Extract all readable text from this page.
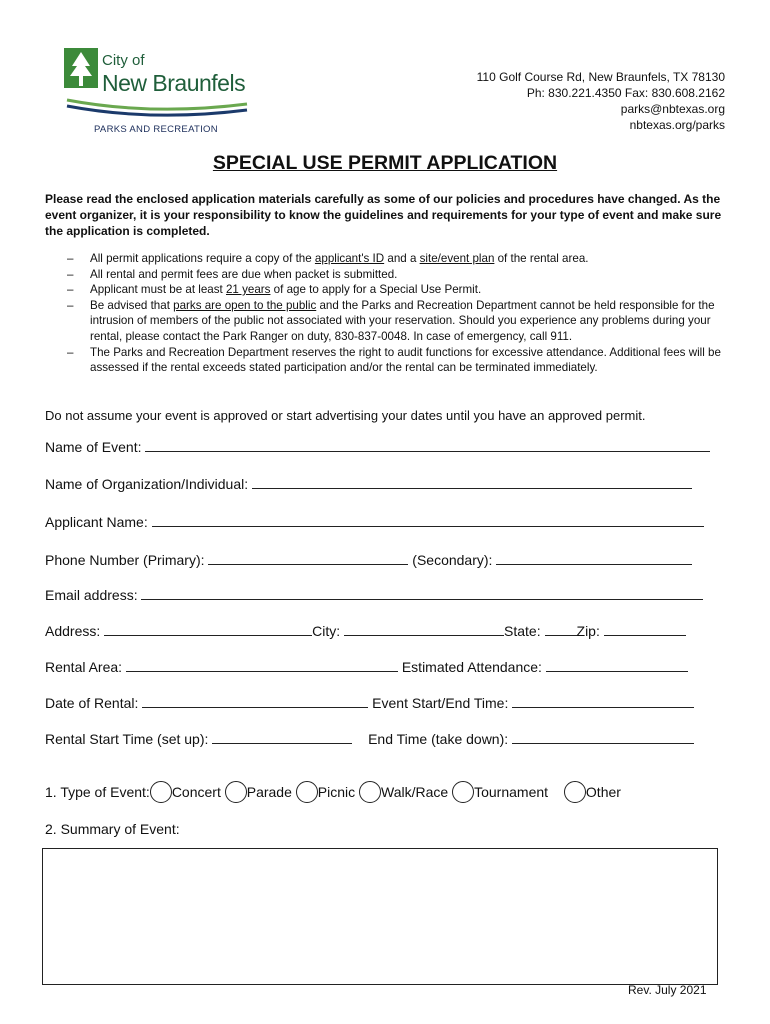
City of
New Braunfels
PARKS AND RECREATION
110 Golf Course Rd, New Braunfels, TX 78130
Ph: 830.221.4350 Fax: 830.608.2162
parks@nbtexas.org
nbtexas.org/parks
SPECIAL USE PERMIT APPLICATION
Please read the enclosed application materials carefully as some of our policies and procedures have changed. As the event organizer, it is your responsibility to know the guidelines and requirements for your type of event and make sure the application is completed.
– All permit applications require a copy of the applicant's ID and a site/event plan of the rental area.
– All rental and permit fees are due when packet is submitted.
– Applicant must be at least 21 years of age to apply for a Special Use Permit.
– Be advised that parks are open to the public and the Parks and Recreation Department cannot be held responsible for the intrusion of members of the public not associated with your reservation. Should you experience any problems during your rental, please contact the Park Ranger on duty, 830-837-0048. In case of emergency, call 911.
– The Parks and Recreation Department reserves the right to audit functions for excessive attendance. Additional fees will be assessed if the rental exceeds stated participation and/or the rental can be terminated immediately.
Do not assume your event is approved or start advertising your dates until you have an approved permit.
Name of Event:
Name of Organization/Individual:
Applicant Name:
Phone Number (Primary):	(Secondary):
Email address:
Address:	City:	State:	Zip:
Rental Area:	Estimated Attendance:
Date of Rental:	Event Start/End Time:
Rental Start Time (set up):	End Time (take down):
1. Type of Event: Concert Parade Picnic Walk/Race Tournament	Other
2. Summary of Event:
Rev. July 2021
